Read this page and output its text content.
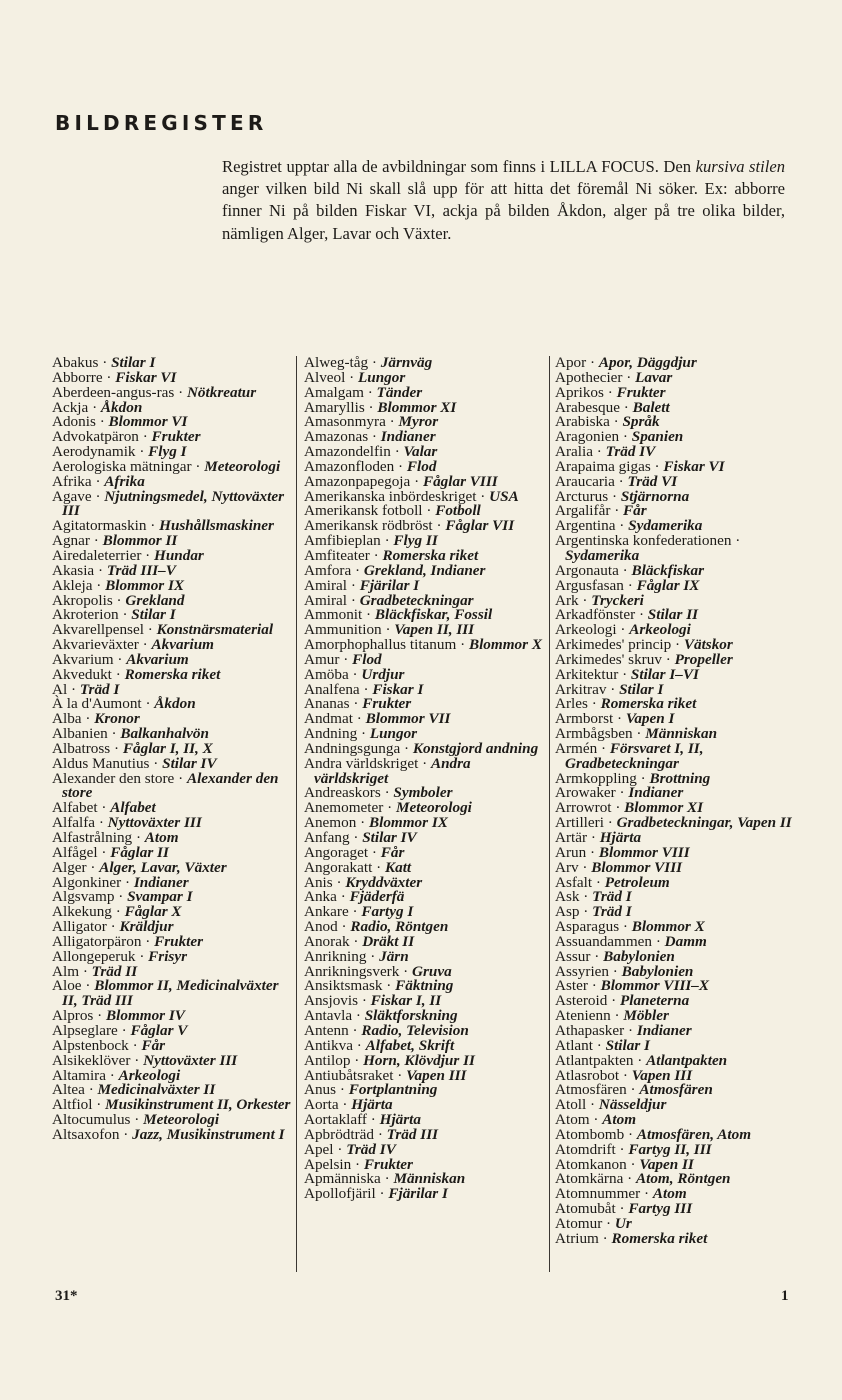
BILDREGISTER
Registret upptar alla de avbildningar som finns i LILLA FOCUS. Den kursiva stilen anger vilken bild Ni skall slå upp för att hitta det föremål Ni söker. Ex: abborre finner Ni på bilden Fiskar VI, ackja på bilden Åkdon, alger på tre olika bilder, nämligen Alger, Lavar och Växter.
Abakus · Stilar I
Abborre · Fiskar VI
Aberdeen-angus-ras · Nötkreatur
Ackja · Åkdon
Adonis · Blommor VI
Advokatpäron · Frukter
Aerodynamik · Flyg I
Aerologiska mätningar · Meteorologi
Afrika · Afrika
Agave · Njutningsmedel, Nyttoväxter III
Agitatormaskin · Hushållsmaskiner
Agnar · Blommor II
Airedaleterrier · Hundar
Akasia · Träd III–V
Akleja · Blommor IX
Akropolis · Grekland
Akroterion · Stilar I
Akvarellpensel · Konstnärsmaterial
Akvarieväxter · Akvarium
Akvarium · Akvarium
Akvedukt · Romerska riket
Al · Träd I
À la d'Aumont · Åkdon
Alba · Kronor
Albanien · Balkanhalvön
Albatross · Fåglar I, II, X
Aldus Manutius · Stilar IV
Alexander den store · Alexander den store
Alfabet · Alfabet
Alfalfa · Nyttoväxter III
Alfastrålning · Atom
Alfågel · Fåglar II
Alger · Alger, Lavar, Växter
Algonkiner · Indianer
Algsvamp · Svampar I
Alkekung · Fåglar X
Alligator · Kräldjur
Alligatorpäron · Frukter
Allongeperuk · Frisyr
Alm · Träd II
Aloe · Blommor II, Medicinalväxter II, Träd III
Alpros · Blommor IV
Alpseglare · Fåglar V
Alpstenbock · Får
Alsikeklöver · Nyttoväxter III
Altamira · Arkeologi
Altea · Medicinalväxter II
Altfiol · Musikinstrument II, Orkester
Altocumulus · Meteorologi
Altsaxofon · Jazz, Musikinstrument I
Alweg-tåg · Järnväg
Alveol · Lungor
Amalgam · Tänder
Amaryllis · Blommor XI
Amasonmyra · Myror
Amazonas · Indianer
Amazondelfin · Valar
Amazonfloden · Flod
Amazonpapegoja · Fåglar VIII
Amerikanska inbördeskriget · USA
Amerikansk fotboll · Fotboll
Amerikansk rödbröst · Fåglar VII
Amfibieplan · Flyg II
Amfiteater · Romerska riket
Amfora · Grekland, Indianer
Amiral · Fjärilar I
Amiral · Gradbeteckningar
Ammonit · Bläckfiskar, Fossil
Ammunition · Vapen II, III
Amorphophallus titanum · Blommor X
Amur · Flod
Amöba · Urdjur
Analfena · Fiskar I
Ananas · Frukter
Andmat · Blommor VII
Andning · Lungor
Andningsgunga · Konstgjord andning
Andra världskriget · Andra världskriget
Andreaskors · Symboler
Anemometer · Meteorologi
Anemon · Blommor IX
Anfang · Stilar IV
Angoraget · Får
Angorakatt · Katt
Anis · Kryddväxter
Anka · Fjäderfä
Ankare · Fartyg I
Anod · Radio, Röntgen
Anorak · Dräkt II
Anrikning · Järn
Anrikningsverk · Gruva
Ansiktsmask · Fäktning
Ansjovis · Fiskar I, II
Antavla · Släktforskning
Antenn · Radio, Television
Antikva · Alfabet, Skrift
Antilop · Horn, Klövdjur II
Antiubåtsraket · Vapen III
Anus · Fortplantning
Aorta · Hjärta
Aortaklaff · Hjärta
Apbrödträd · Träd III
Apel · Träd IV
Apelsin · Frukter
Apmänniska · Människan
Apollofjäril · Fjärilar I
Apor · Apor, Däggdjur
Apothecier · Lavar
Aprikos · Frukter
Arabesque · Balett
Arabiska · Språk
Aragonien · Spanien
Aralia · Träd IV
Arapaima gigas · Fiskar VI
Araucaria · Träd VI
Arcturus · Stjärnorna
Argalifår · Får
Argentina · Sydamerika
Argentinska konfederationen · Sydamerika
Argonauta · Bläckfiskar
Argusfasan · Fåglar IX
Ark · Tryckeri
Arkadfönster · Stilar II
Arkeologi · Arkeologi
Arkimedes' princip · Vätskor
Arkimedes' skruv · Propeller
Arkitektur · Stilar I–VI
Arkitrav · Stilar I
Arles · Romerska riket
Armborst · Vapen I
Armbågsben · Människan
Armén · Försvaret I, II, Gradbeteckningar
Armkoppling · Brottning
Arowaker · Indianer
Arrowrot · Blommor XI
Artilleri · Gradbeteckningar, Vapen II
Artär · Hjärta
Arun · Blommor VIII
Arv · Blommor VIII
Asfalt · Petroleum
Ask · Träd I
Asp · Träd I
Asparagus · Blommor X
Assuandammen · Damm
Assur · Babylonien
Assyrien · Babylonien
Aster · Blommor VIII–X
Asteroid · Planeterna
Atenienn · Möbler
Athapasker · Indianer
Atlant · Stilar I
Atlantpakten · Atlantpakten
Atlasrobot · Vapen III
Atmosfären · Atmosfären
Atoll · Nässeldjur
Atom · Atom
Atombomb · Atmosfären, Atom
Atomdrift · Fartyg II, III
Atomkanon · Vapen II
Atomkärna · Atom, Röntgen
Atomnummer · Atom
Atomubåt · Fartyg III
Atomur · Ur
Atrium · Romerska riket
31*	1
